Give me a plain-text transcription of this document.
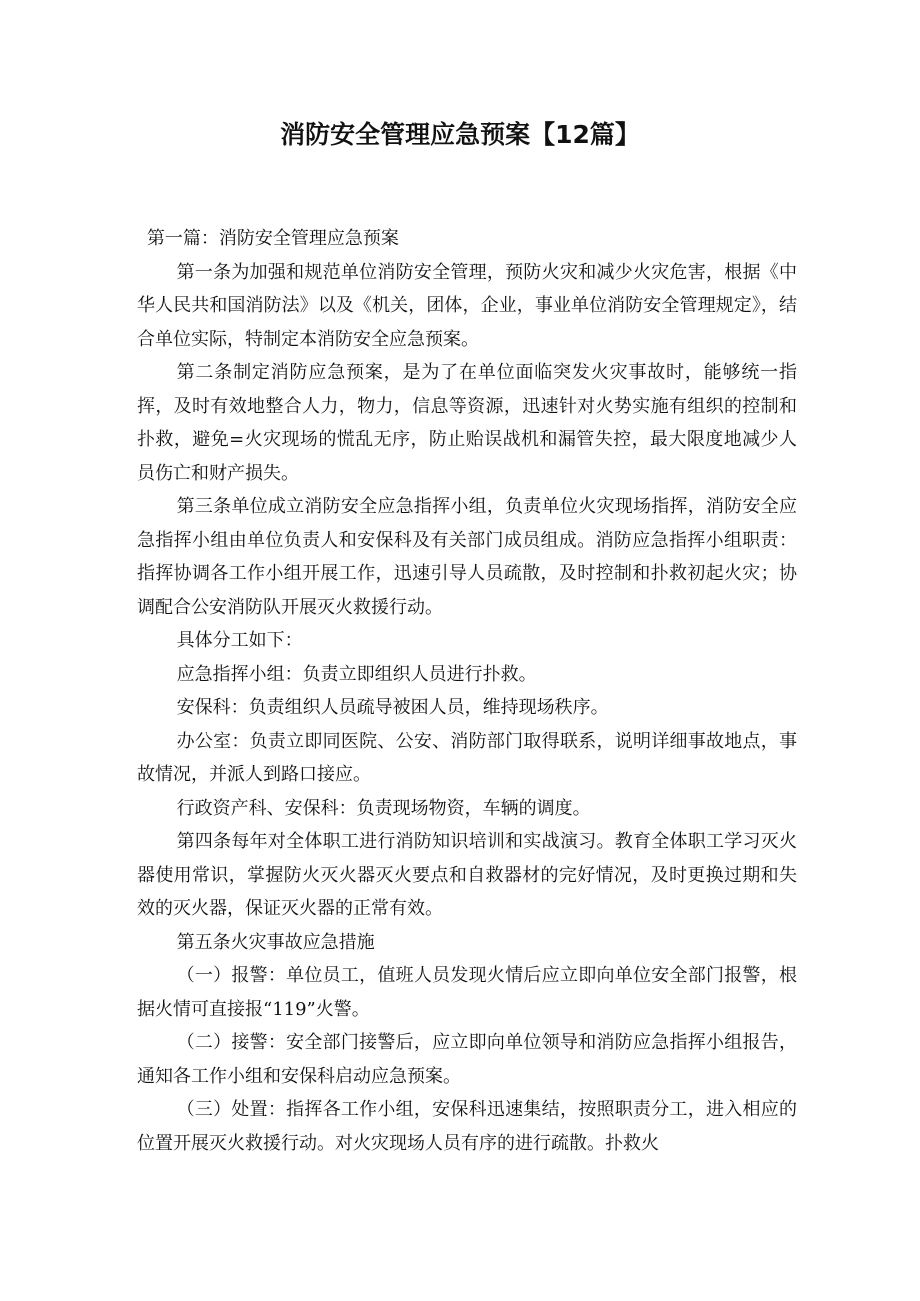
消防安全管理应急预案【12篇】

第一篇：消防安全管理应急预案

第一条为加强和规范单位消防安全管理，预防火灾和减少火灾危害，根据《中华人民共和国消防法》以及《机关，团体，企业，事业单位消防安全管理规定》，结合单位实际，特制定本消防安全应急预案。

第二条制定消防应急预案，是为了在单位面临突发火灾事故时，能够统一指挥，及时有效地整合人力，物力，信息等资源，迅速针对火势实施有组织的控制和扑救，避免=火灾现场的慌乱无序，防止贻误战机和漏管失控，最大限度地减少人员伤亡和财产损失。

第三条单位成立消防安全应急指挥小组，负责单位火灾现场指挥，消防安全应急指挥小组由单位负责人和安保科及有关部门成员组成。消防应急指挥小组职责：指挥协调各工作小组开展工作，迅速引导人员疏散，及时控制和扑救初起火灾；协调配合公安消防队开展灭火救援行动。

具体分工如下：

应急指挥小组：负责立即组织人员进行扑救。

安保科：负责组织人员疏导被困人员，维持现场秩序。

办公室：负责立即同医院、公安、消防部门取得联系，说明详细事故地点，事故情况，并派人到路口接应。

行政资产科、安保科：负责现场物资，车辆的调度。

第四条每年对全体职工进行消防知识培训和实战演习。教育全体职工学习灭火器使用常识，掌握防火灭火器灭火要点和自救器材的完好情况，及时更换过期和失效的灭火器，保证灭火器的正常有效。

第五条火灾事故应急措施

（一）报警：单位员工，值班人员发现火情后应立即向单位安全部门报警，根据火情可直接报“119”火警。

（二）接警：安全部门接警后，应立即向单位领导和消防应急指挥小组报告，通知各工作小组和安保科启动应急预案。

（三）处置：指挥各工作小组，安保科迅速集结，按照职责分工，进入相应的位置开展灭火救援行动。对火灾现场人员有序的进行疏散。扑救火
